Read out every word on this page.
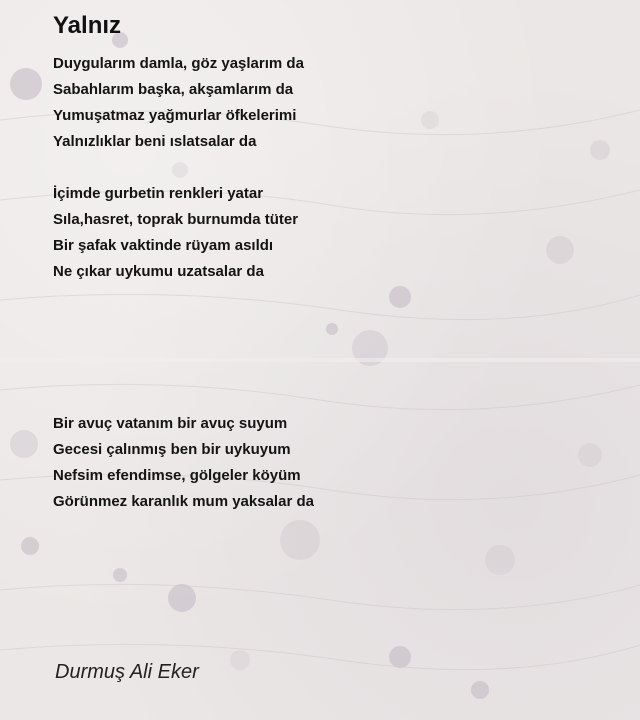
Yalnız
Duygularım damla, göz yaşlarım da
Sabahlarım başka, akşamlarım da
Yumuşatmaz yağmurlar öfkelerimi
Yalnızlıklar beni ıslatsalar da
İçimde gurbetin renkleri yatar
Sıla,hasret, toprak burnumda tüter
Bir şafak vaktinde rüyam asıldı
Ne çıkar uykumu uzatsalar da
Bir avuç vatanım bir avuç suyum
Gecesi çalınmış ben bir uykuyum
Nefsim efendimse, gölgeler köyüm
Görünmez karanlık mum yaksalar da

Durmuş Ali Eker
